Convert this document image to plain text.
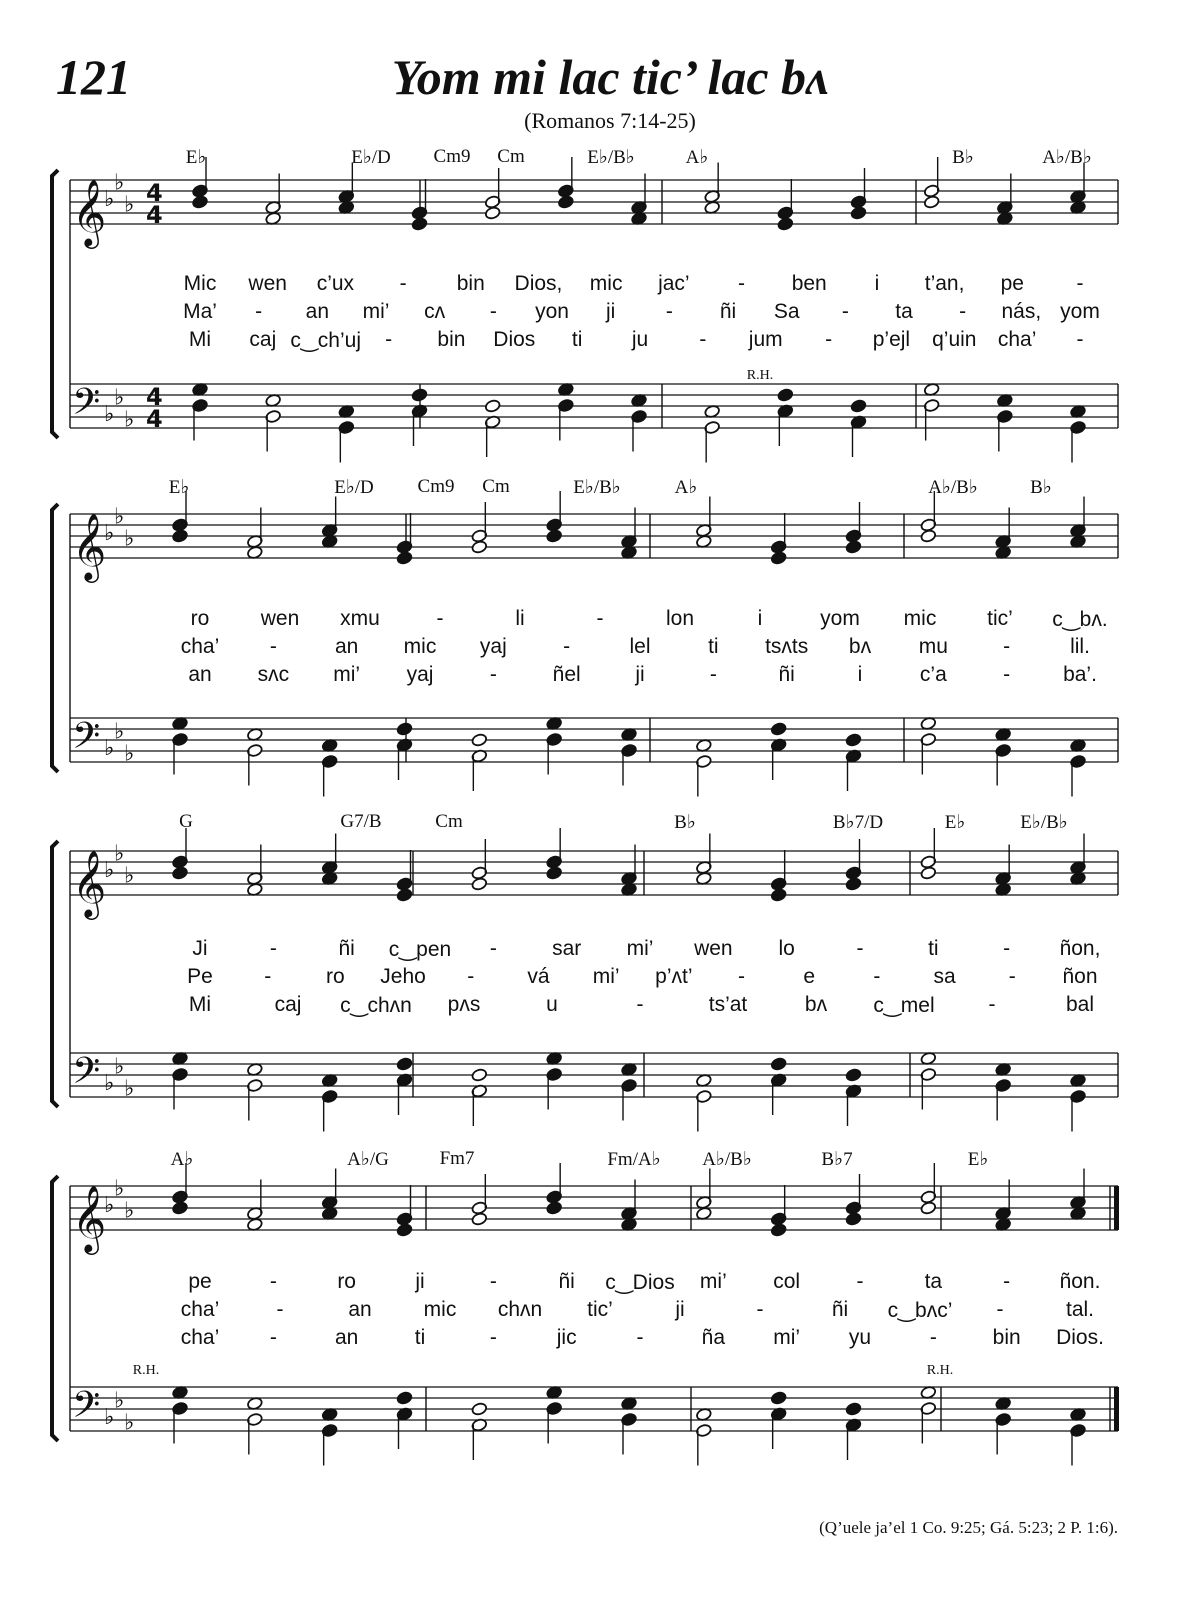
121	Yom mi lac tic’ lac bʌ
(Romanos 7:14-25)
(Q’uele ja’el 1 Co. 9:25; Gá. 5:23; 2 P. 1:6).
𝄞
𝄢
♭
♭
♭
♭
♭
♭
4
4
4
4
𝄞
𝄢
♭
♭
♭
♭
♭
♭
𝄞
𝄢
♭
♭
♭
♭
♭
♭
𝄞
𝄢
♭
♭
♭
♭
♭
♭
E♭	E♭/D Cm9 Cm	E♭/B♭	A♭	B♭	A♭/B♭
Mic wen c’ux - bin Dios, mic jac’ - ben i t’an, pe	-
Ma’ - an mi’ cʌ - yon ji - ñi Sa - ta - nás, yom
Mi caj c‿ch’uj - bin Dios ti ju - jum - p’ejl q’uin cha’ -
R.H.
E♭	E♭/D Cm9 Cm	E♭/B♭	A♭	A♭/B♭	B♭
ro wen xmu	-	li	-	lon	i	yom mic tic’ c‿bʌ.
cha’ -	an mic yaj	-	lel	ti tsʌts bʌ mu	-	lil.
an sʌc mi’ yaj	-	ñel	ji	-	ñi	i	c’a	-	ba’.
G	G7/B	Cm	B♭	B♭7/D	E♭	E♭/B♭
Ji	-	ñi c‿pen -	sar mi’ wen lo	-	ti	- ñon,
Pe -	ro Jeho -	vá mi’ p’ʌt’ -	e	-	sa	- ñon
Mi	caj c‿chʌn pʌs	u	-	ts’at	bʌ c‿mel	-	bal
A♭	A♭/G	Fm7	Fm/A♭ A♭/B♭	B♭7	E♭
pe	-	ro	ji	-	ñi c‿Dios mi’ col	-	ta	- ñon.
cha’	-	an mic chʌn tic’	ji	-	ñi c‿bʌc’ -	tal.
cha’ -	an	ti	-	jic	-	ña mi’ yu	-	bin Dios.
R.H.	R.H.
